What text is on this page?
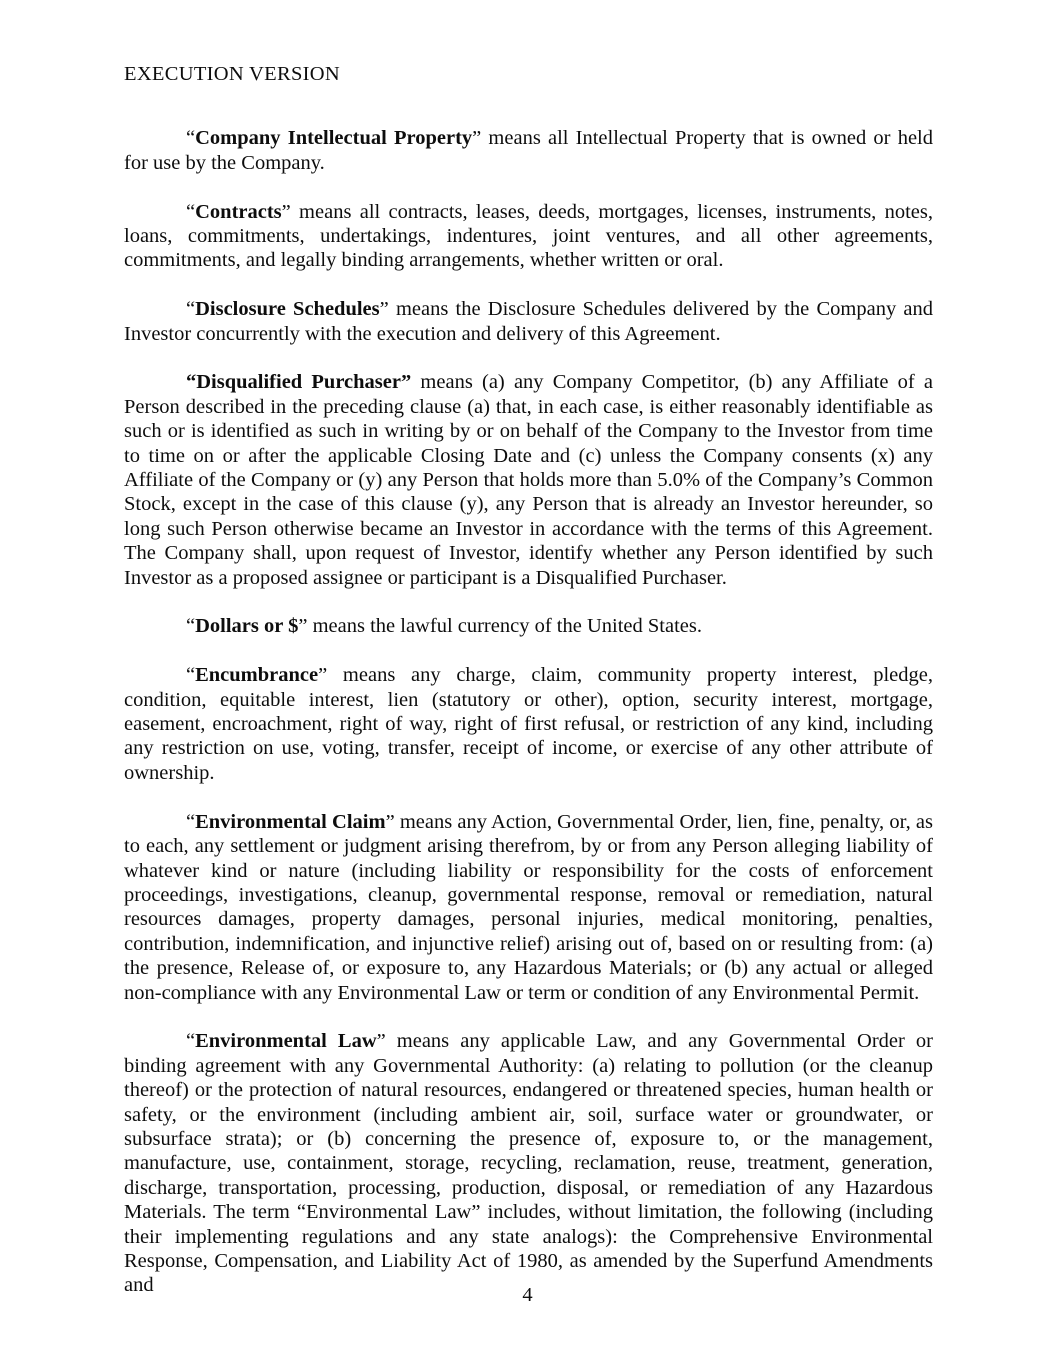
EXECUTION VERSION

“Company Intellectual Property” means all Intellectual Property that is owned or held for use by the Company.

“Contracts” means all contracts, leases, deeds, mortgages, licenses, instruments, notes, loans, commitments, undertakings, indentures, joint ventures, and all other agreements, commitments, and legally binding arrangements, whether written or oral.

“Disclosure Schedules” means the Disclosure Schedules delivered by the Company and Investor concurrently with the execution and delivery of this Agreement.

“Disqualified Purchaser” means (a) any Company Competitor, (b) any Affiliate of a Person described in the preceding clause (a) that, in each case, is either reasonably identifiable as such or is identified as such in writing by or on behalf of the Company to the Investor from time to time on or after the applicable Closing Date and (c) unless the Company consents (x) any Affiliate of the Company or (y) any Person that holds more than 5.0% of the Company’s Common Stock, except in the case of this clause (y), any Person that is already an Investor hereunder, so long such Person otherwise became an Investor in accordance with the terms of this Agreement. The Company shall, upon request of Investor, identify whether any Person identified by such Investor as a proposed assignee or participant is a Disqualified Purchaser.

“Dollars or $” means the lawful currency of the United States.

“Encumbrance” means any charge, claim, community property interest, pledge, condition, equitable interest, lien (statutory or other), option, security interest, mortgage, easement, encroachment, right of way, right of first refusal, or restriction of any kind, including any restriction on use, voting, transfer, receipt of income, or exercise of any other attribute of ownership.

“Environmental Claim” means any Action, Governmental Order, lien, fine, penalty, or, as to each, any settlement or judgment arising therefrom, by or from any Person alleging liability of whatever kind or nature (including liability or responsibility for the costs of enforcement proceedings, investigations, cleanup, governmental response, removal or remediation, natural resources damages, property damages, personal injuries, medical monitoring, penalties, contribution, indemnification, and injunctive relief) arising out of, based on or resulting from: (a) the presence, Release of, or exposure to, any Hazardous Materials; or (b) any actual or alleged non-compliance with any Environmental Law or term or condition of any Environmental Permit.

“Environmental Law” means any applicable Law, and any Governmental Order or binding agreement with any Governmental Authority: (a) relating to pollution (or the cleanup thereof) or the protection of natural resources, endangered or threatened species, human health or safety, or the environment (including ambient air, soil, surface water or groundwater, or subsurface strata); or (b) concerning the presence of, exposure to, or the management, manufacture, use, containment, storage, recycling, reclamation, reuse, treatment, generation, discharge, transportation, processing, production, disposal, or remediation of any Hazardous Materials. The term “Environmental Law” includes, without limitation, the following (including their implementing regulations and any state analogs): the Comprehensive Environmental Response, Compensation, and Liability Act of 1980, as amended by the Superfund Amendments and	4
